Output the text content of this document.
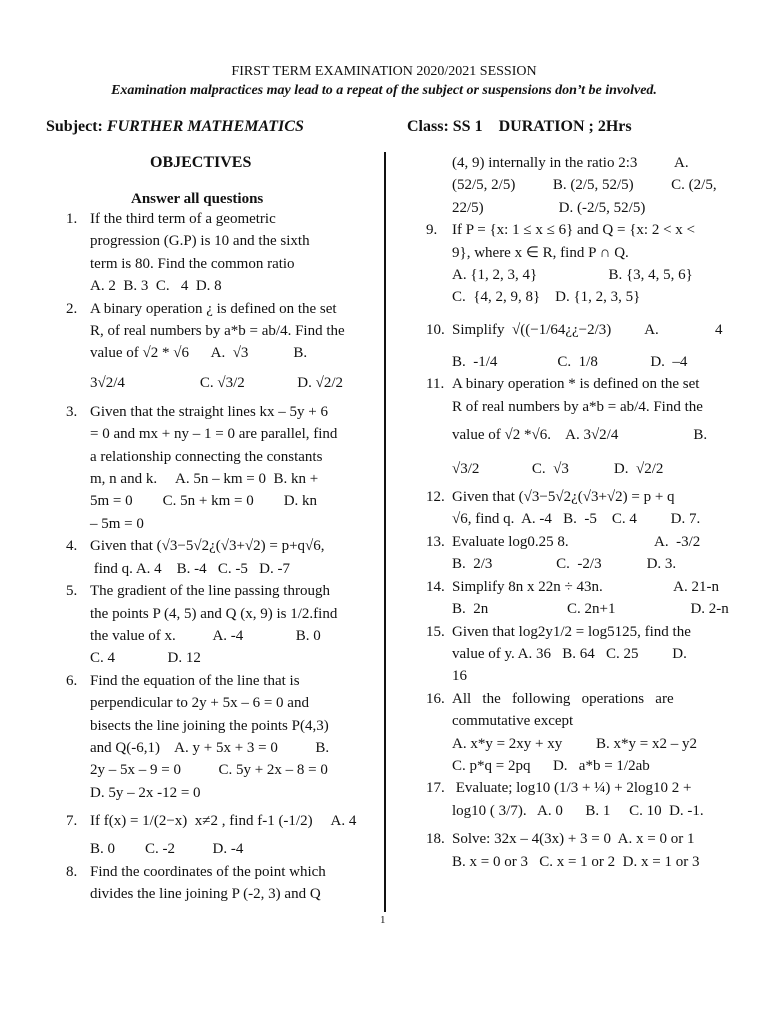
FIRST TERM EXAMINATION 2020/2021 SESSION
Examination malpractices may lead to a repeat of the subject or suspensions don’t be involved.
Subject: FURTHER MATHEMATICS	Class: SS 1    DURATION ; 2Hrs
OBJECTIVES
Answer all questions
1. If the third term of a geometric
progression (G.P) is 10 and the sixth
term is 80. Find the common ratio
A. 2  B. 3  C.   4  D. 8
2. A binary operation ¿ is defined on the set
R, of real numbers by a*b = ab/4. Find the
value of √2 * √6      A.  √3            B.
3√2/4                    C. √3/2              D. √2/2
3. Given that the straight lines kx – 5y + 6
= 0 and mx + ny – 1 = 0 are parallel, find
a relationship connecting the constants
m, n and k.     A. 5n – km = 0  B. kn +
5m = 0        C. 5n + km = 0        D. kn
– 5m = 0
4. Given that (√3−5√2¿(√3+√2) = p+q√6,
find q. A. 4    B. -4   C. -5   D. -7
5. The gradient of the line passing through
the points P (4, 5) and Q (x, 9) is 1/2.find
the value of x.          A. -4              B. 0
C. 4              D. 12
6. Find the equation of the line that is
perpendicular to 2y + 5x – 6 = 0 and
bisects the line joining the points P(4,3)
and Q(-6,1)    A. y + 5x + 3 = 0          B.
2y – 5x – 9 = 0          C. 5y + 2x – 8 = 0
D. 5y – 2x -12 = 0
7. If f(x) = 1/(2−x)  x≠2 , find f-1 (-1/2)     A. 4
B. 0        C. -2          D. -4
8. Find the coordinates of the point which
divides the line joining P (-2, 3) and Q
(4, 9) internally in the ratio 2:3          A.
(52/5, 2/5)          B. (2/5, 52/5)          C. (2/5,
22/5)                    D. (-2/5, 52/5)
9. If P = {x: 1 ≤ x ≤ 6} and Q = {x: 2 < x <
9}, where x ∈ R, find P ∩ Q.
A. {1, 2, 3, 4}                   B. {3, 4, 5, 6}
C.  {4, 2, 9, 8}    D. {1, 2, 3, 5}
10. Simplify  √((−1/64¿¿−2/3)         A.               4
B.  -1/4                C.  1/8              D.  –4
11. A binary operation * is defined on the set
R of real numbers by a*b = ab/4. Find the
value of √2 *√6.    A. 3√2/4                    B.
√3/2              C.  √3            D.  √2/2
12. Given that (√3−5√2¿(√3+√2) = p + q
√6, find q.  A. -4   B.  -5    C. 4         D. 7.
13. Evaluate log0.25 8.                       A.  -3/2
B.  2/3                 C.  -2/3            D. 3.
14. Simplify 8n x 22n ÷ 43n.                   A. 21-n
B.  2n                     C. 2n+1                    D. 2-n
15. Given that log2y1/2 = log5125, find the
value of y. A. 36   B. 64   C. 25         D.
16
16. All   the   following   operations   are
commutative except
A. x*y = 2xy + xy         B. x*y = x2 – y2
C. p*q = 2pq      D.   a*b = 1/2ab
17. Evaluate; log10 (1/3 + ¼) + 2log10 2 +
log10 ( 3/7).   A. 0      B. 1     C. 10  D. -1.
18. Solve: 32x – 4(3x) + 3 = 0  A. x = 0 or 1
B. x = 0 or 3   C. x = 1 or 2  D. x = 1 or 3
1
